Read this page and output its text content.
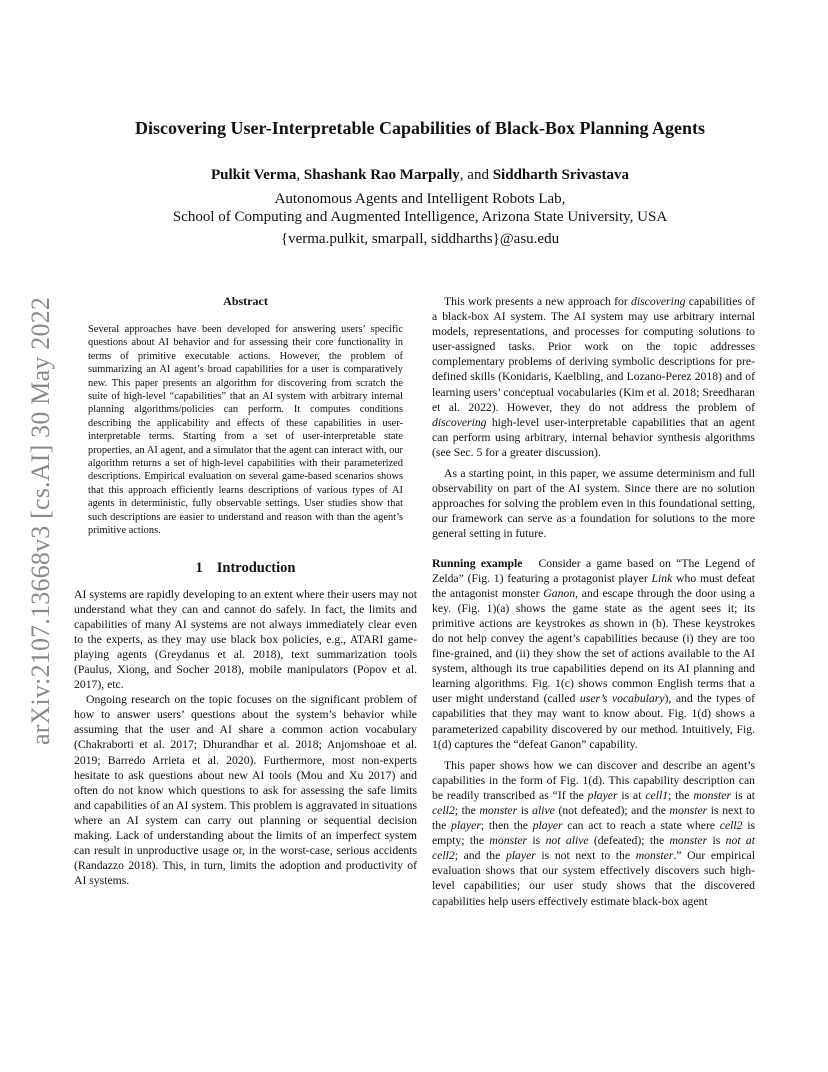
arXiv:2107.13668v3 [cs.AI] 30 May 2022
Discovering User-Interpretable Capabilities of Black-Box Planning Agents
Pulkit Verma, Shashank Rao Marpally, and Siddharth Srivastava
Autonomous Agents and Intelligent Robots Lab,
School of Computing and Augmented Intelligence, Arizona State University, USA
{verma.pulkit, smarpall, siddharths}@asu.edu
Abstract

Several approaches have been developed for answering users’ specific questions about AI behavior and for assessing their core functionality in terms of primitive executable actions. However, the problem of summarizing an AI agent’s broad capabilities for a user is comparatively new. This paper presents an algorithm for discovering from scratch the suite of high-level “capabilities” that an AI system with arbitrary internal planning algorithms/policies can perform. It computes conditions describing the applicability and effects of these capabilities in user-interpretable terms. Starting from a set of user-interpretable state properties, an AI agent, and a simulator that the agent can interact with, our algorithm returns a set of high-level capabilities with their parameterized descriptions. Empirical evaluation on several game-based scenarios shows that this approach efficiently learns descriptions of various types of AI agents in deterministic, fully observable settings. User studies show that such descriptions are easier to understand and reason with than the agent’s primitive actions.

1 Introduction

AI systems are rapidly developing to an extent where their users may not understand what they can and cannot do safely. In fact, the limits and capabilities of many AI systems are not always immediately clear even to the experts, as they may use black box policies, e.g., ATARI game-playing agents (Greydanus et al. 2018), text summarization tools (Paulus, Xiong, and Socher 2018), mobile manipulators (Popov et al. 2017), etc.

Ongoing research on the topic focuses on the significant problem of how to answer users’ questions about the system’s behavior while assuming that the user and AI share a common action vocabulary (Chakraborti et al. 2017; Dhurandhar et al. 2018; Anjomshoae et al. 2019; Barredo Arrieta et al. 2020). Furthermore, most non-experts hesitate to ask questions about new AI tools (Mou and Xu 2017) and often do not know which questions to ask for assessing the safe limits and capabilities of an AI system. This problem is aggravated in situations where an AI system can carry out planning or sequential decision making. Lack of understanding about the limits of an imperfect system can result in unproductive usage or, in the worst-case, serious accidents (Randazzo 2018). This, in turn, limits the adoption and productivity of AI systems.

This work presents a new approach for discovering capabilities of a black-box AI system. The AI system may use arbitrary internal models, representations, and processes for computing solutions to user-assigned tasks. Prior work on the topic addresses complementary problems of deriving symbolic descriptions for pre-defined skills (Konidaris, Kaelbling, and Lozano-Perez 2018) and of learning users’ conceptual vocabularies (Kim et al. 2018; Sreedharan et al. 2022). However, they do not address the problem of discovering high-level user-interpretable capabilities that an agent can perform using arbitrary, internal behavior synthesis algorithms (see Sec. 5 for a greater discussion).

As a starting point, in this paper, we assume determinism and full observability on part of the AI system. Since there are no solution approaches for solving the problem even in this foundational setting, our framework can serve as a foundation for solutions to the more general setting in future.

Running example Consider a game based on “The Legend of Zelda” (Fig. 1) featuring a protagonist player Link who must defeat the antagonist monster Ganon, and escape through the door using a key. (Fig. 1)(a) shows the game state as the agent sees it; its primitive actions are keystrokes as shown in (b). These keystrokes do not help convey the agent’s capabilities because (i) they are too fine-grained, and (ii) they show the set of actions available to the AI system, although its true capabilities depend on its AI planning and learning algorithms. Fig. 1(c) shows common English terms that a user might understand (called user’s vocabulary), and the types of capabilities that they may want to know about. Fig. 1(d) shows a parameterized capability discovered by our method. Intuitively, Fig. 1(d) captures the “defeat Ganon” capability.

This paper shows how we can discover and describe an agent’s capabilities in the form of Fig. 1(d). This capability description can be readily transcribed as “If the player is at cell1; the monster is at cell2; the monster is alive (not defeated); and the monster is next to the player; then the player can act to reach a state where cell2 is empty; the monster is not alive (defeated); the monster is not at cell2; and the player is not next to the monster.” Our empirical evaluation shows that our system effectively discovers such high-level capabilities; our user study shows that the discovered capabilities help users effectively estimate black-box agent
